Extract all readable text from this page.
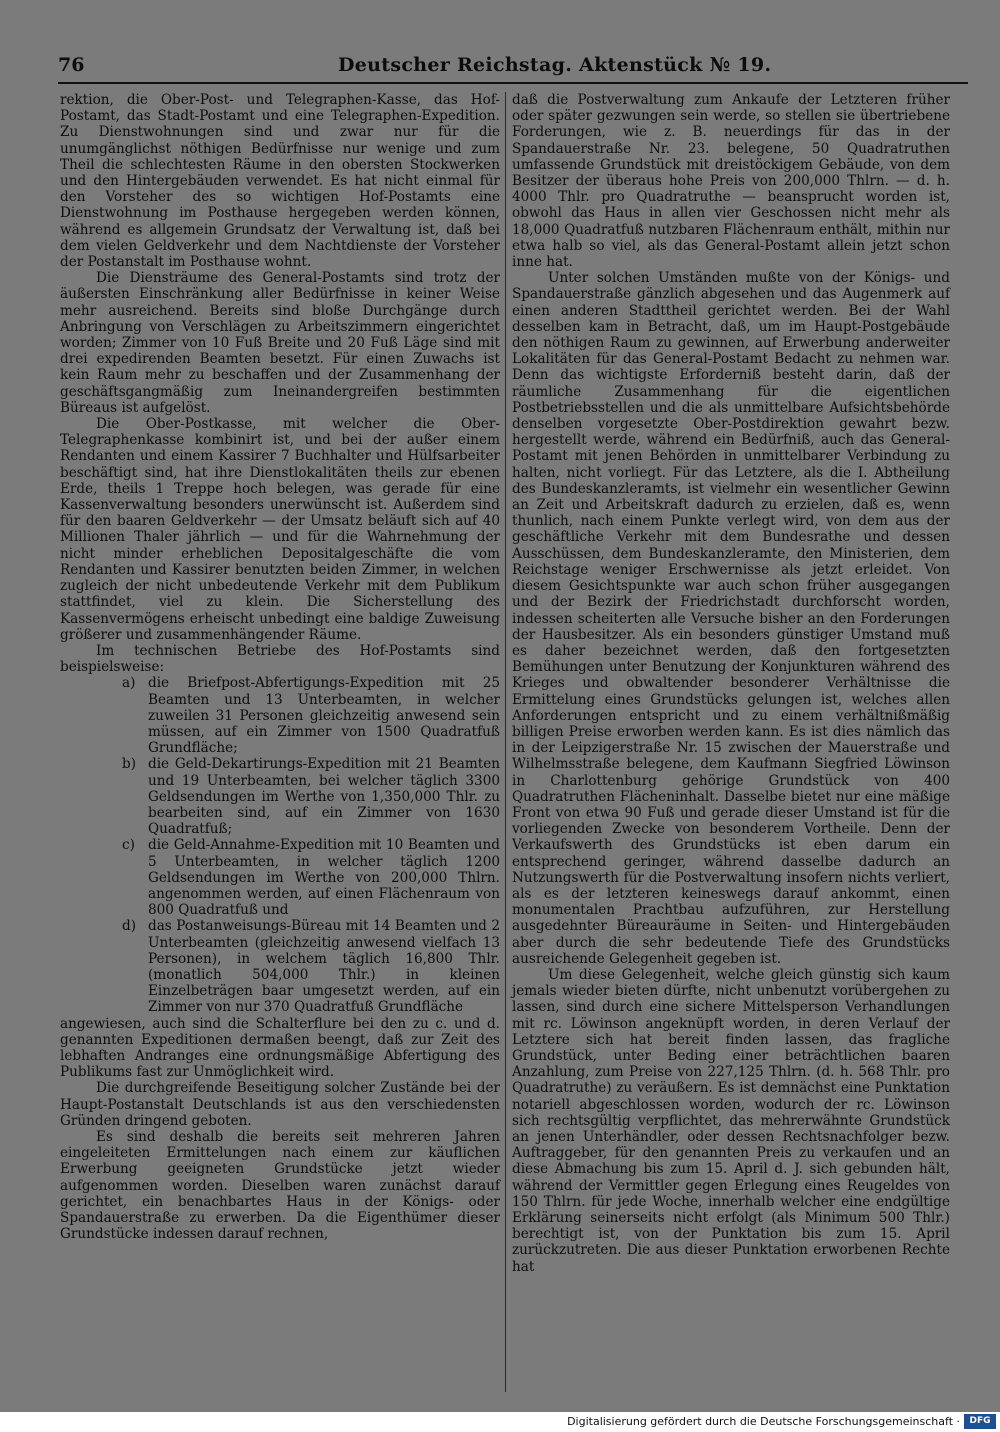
76	Deutscher Reichstag. Aktenstück № 19.

rektion, die Ober-Post- und Telegraphen-Kasse, das Hof-Postamt, das Stadt-Postamt und eine Telegraphen-Expedition. Zu Dienstwohnungen sind und zwar nur für die unumgänglichst nöthigen Bedürfnisse nur wenige und zum Theil die schlechtesten Räume in den obersten Stockwerken und den Hintergebäuden verwendet. Es hat nicht einmal für den Vorsteher des so wichtigen Hof-Postamts eine Dienstwohnung im Posthause hergegeben werden können, während es allgemein Grundsatz der Verwaltung ist, daß bei dem vielen Geldverkehr und dem Nachtdienste der Vorsteher der Postanstalt im Posthause wohnt.

Die Diensträume des General-Postamts sind trotz der äußersten Einschränkung aller Bedürfnisse in keiner Weise mehr ausreichend. Bereits sind bloße Durchgänge durch Anbringung von Verschlägen zu Arbeitszimmern eingerichtet worden; Zimmer von 10 Fuß Breite und 20 Fuß Läge sind mit drei expedirenden Beamten besetzt. Für einen Zuwachs ist kein Raum mehr zu beschaffen und der Zusammenhang der geschäftsgangmäßig zum Ineinandergreifen bestimmten Büreaus ist aufgelöst.

Die Ober-Postkasse, mit welcher die Ober-Telegraphenkasse kombinirt ist, und bei der außer einem Rendanten und einem Kassirer 7 Buchhalter und Hülfsarbeiter beschäftigt sind, hat ihre Dienstlokalitäten theils zur ebenen Erde, theils 1 Treppe hoch belegen, was gerade für eine Kassenverwaltung besonders unerwünscht ist. Außerdem sind für den baaren Geldverkehr — der Umsatz beläuft sich auf 40 Millionen Thaler jährlich — und für die Wahrnehmung der nicht minder erheblichen Depositalgeschäfte die vom Rendanten und Kassirer benutzten beiden Zimmer, in welchen zugleich der nicht unbedeutende Verkehr mit dem Publikum stattfindet, viel zu klein. Die Sicherstellung des Kassenvermögens erheischt unbedingt eine baldige Zuweisung größerer und zusammenhängender Räume.

Im technischen Betriebe des Hof-Postamts sind beispielsweise:

a) die Briefpost-Abfertigungs-Expedition mit 25 Beamten und 13 Unterbeamten, in welcher zuweilen 31 Personen gleichzeitig anwesend sein müssen, auf ein Zimmer von 1500 Quadratfuß Grundfläche;
b) die Geld-Dekartirungs-Expedition mit 21 Beamten und 19 Unterbeamten, bei welcher täglich 3300 Geldsendungen im Werthe von 1,350,000 Thlr. zu bearbeiten sind, auf ein Zimmer von 1630 Quadratfuß;
c) die Geld-Annahme-Expedition mit 10 Beamten und 5 Unterbeamten, in welcher täglich 1200 Geldsendungen im Werthe von 200,000 Thlrn. angenommen werden, auf einen Flächenraum von 800 Quadratfuß und
d) das Postanweisungs-Büreau mit 14 Beamten und 2 Unterbeamten (gleichzeitig anwesend vielfach 13 Personen), in welchem täglich 16,800 Thlr. (monatlich 504,000 Thlr.) in kleinen Einzelbeträgen baar umgesetzt werden, auf ein Zimmer von nur 370 Quadratfuß Grundfläche

angewiesen, auch sind die Schalterflure bei den zu c. und d. genannten Expeditionen dermaßen beengt, daß zur Zeit des lebhaften Andranges eine ordnungsmäßige Abfertigung des Publikums fast zur Unmöglichkeit wird.

Die durchgreifende Beseitigung solcher Zustände bei der Haupt-Postanstalt Deutschlands ist aus den verschiedensten Gründen dringend geboten.

Es sind deshalb die bereits seit mehreren Jahren eingeleiteten Ermittelungen nach einem zur käuflichen Erwerbung geeigneten Grundstücke jetzt wieder aufgenommen worden. Dieselben waren zunächst darauf gerichtet, ein benachbartes Haus in der Königs- oder Spandauerstraße zu erwerben. Da die Eigenthümer dieser Grundstücke indessen darauf rechnen,

daß die Postverwaltung zum Ankaufe der Letzteren früher oder später gezwungen sein werde, so stellen sie übertriebene Forderungen, wie z. B. neuerdings für das in der Spandauerstraße Nr. 23. belegene, 50 Quadratruthen umfassende Grundstück mit dreistöckigem Gebäude, von dem Besitzer der überaus hohe Preis von 200,000 Thlrn. — d. h. 4000 Thlr. pro Quadratruthe — beansprucht worden ist, obwohl das Haus in allen vier Geschossen nicht mehr als 18,000 Quadratfuß nutzbaren Flächenraum enthält, mithin nur etwa halb so viel, als das General-Postamt allein jetzt schon inne hat.

Unter solchen Umständen mußte von der Königs- und Spandauerstraße gänzlich abgesehen und das Augenmerk auf einen anderen Stadttheil gerichtet werden. Bei der Wahl desselben kam in Betracht, daß, um im Haupt-Postgebäude den nöthigen Raum zu gewinnen, auf Erwerbung anderweiter Lokalitäten für das General-Postamt Bedacht zu nehmen war. Denn das wichtigste Erforderniß besteht darin, daß der räumliche Zusammenhang für die eigentlichen Postbetriebsstellen und die als unmittelbare Aufsichtsbehörde denselben vorgesetzte Ober-Postdirektion gewahrt bezw. hergestellt werde, während ein Bedürfniß, auch das General-Postamt mit jenen Behörden in unmittelbarer Verbindung zu halten, nicht vorliegt. Für das Letztere, als die I. Abtheilung des Bundeskanzleramts, ist vielmehr ein wesentlicher Gewinn an Zeit und Arbeitskraft dadurch zu erzielen, daß es, wenn thunlich, nach einem Punkte verlegt wird, von dem aus der geschäftliche Verkehr mit dem Bundesrathe und dessen Ausschüssen, dem Bundeskanzleramte, den Ministerien, dem Reichstage weniger Erschwernisse als jetzt erleidet. Von diesem Gesichtspunkte war auch schon früher ausgegangen und der Bezirk der Friedrichstadt durchforscht worden, indessen scheiterten alle Versuche bisher an den Forderungen der Hausbesitzer. Als ein besonders günstiger Umstand muß es daher bezeichnet werden, daß den fortgesetzten Bemühungen unter Benutzung der Konjunkturen während des Krieges und obwaltender besonderer Verhältnisse die Ermittelung eines Grundstücks gelungen ist, welches allen Anforderungen entspricht und zu einem verhältnißmäßig billigen Preise erworben werden kann. Es ist dies nämlich das in der Leipzigerstraße Nr. 15 zwischen der Mauerstraße und Wilhelmsstraße belegene, dem Kaufmann Siegfried Löwinson in Charlottenburg gehörige Grundstück von 400 Quadratruthen Flächeninhalt. Dasselbe bietet nur eine mäßige Front von etwa 90 Fuß und gerade dieser Umstand ist für die vorliegenden Zwecke von besonderem Vortheile. Denn der Verkaufswerth des Grundstücks ist eben darum ein entsprechend geringer, während dasselbe dadurch an Nutzungswerth für die Postverwaltung insofern nichts verliert, als es der letzteren keineswegs darauf ankommt, einen monumentalen Prachtbau aufzuführen, zur Herstellung ausgedehnter Büreauräume in Seiten- und Hintergebäuden aber durch die sehr bedeutende Tiefe des Grundstücks ausreichende Gelegenheit gegeben ist.

Um diese Gelegenheit, welche gleich günstig sich kaum jemals wieder bieten dürfte, nicht unbenutzt vorübergehen zu lassen, sind durch eine sichere Mittelsperson Verhandlungen mit rc. Löwinson angeknüpft worden, in deren Verlauf der Letztere sich hat bereit finden lassen, das fragliche Grundstück, unter Beding einer beträchtlichen baaren Anzahlung, zum Preise von 227,125 Thlrn. (d. h. 568 Thlr. pro Quadratruthe) zu veräußern. Es ist demnächst eine Punktation notariell abgeschlossen worden, wodurch der rc. Löwinson sich rechtsgültig verpflichtet, das mehrerwähnte Grundstück an jenen Unterhändler, oder dessen Rechtsnachfolger bezw. Auftraggeber, für den genannten Preis zu verkaufen und an diese Abmachung bis zum 15. April d. J. sich gebunden hält, während der Vermittler gegen Erlegung eines Reugeldes von 150 Thlrn. für jede Woche, innerhalb welcher eine endgültige Erklärung seinerseits nicht erfolgt (als Minimum 500 Thlr.) berechtigt ist, von der Punktation bis zum 15. April zurückzutreten. Die aus dieser Punktation erworbenen Rechte hat

Digitalisierung gefördert durch die Deutsche Forschungsgemeinschaft ·	DFG
